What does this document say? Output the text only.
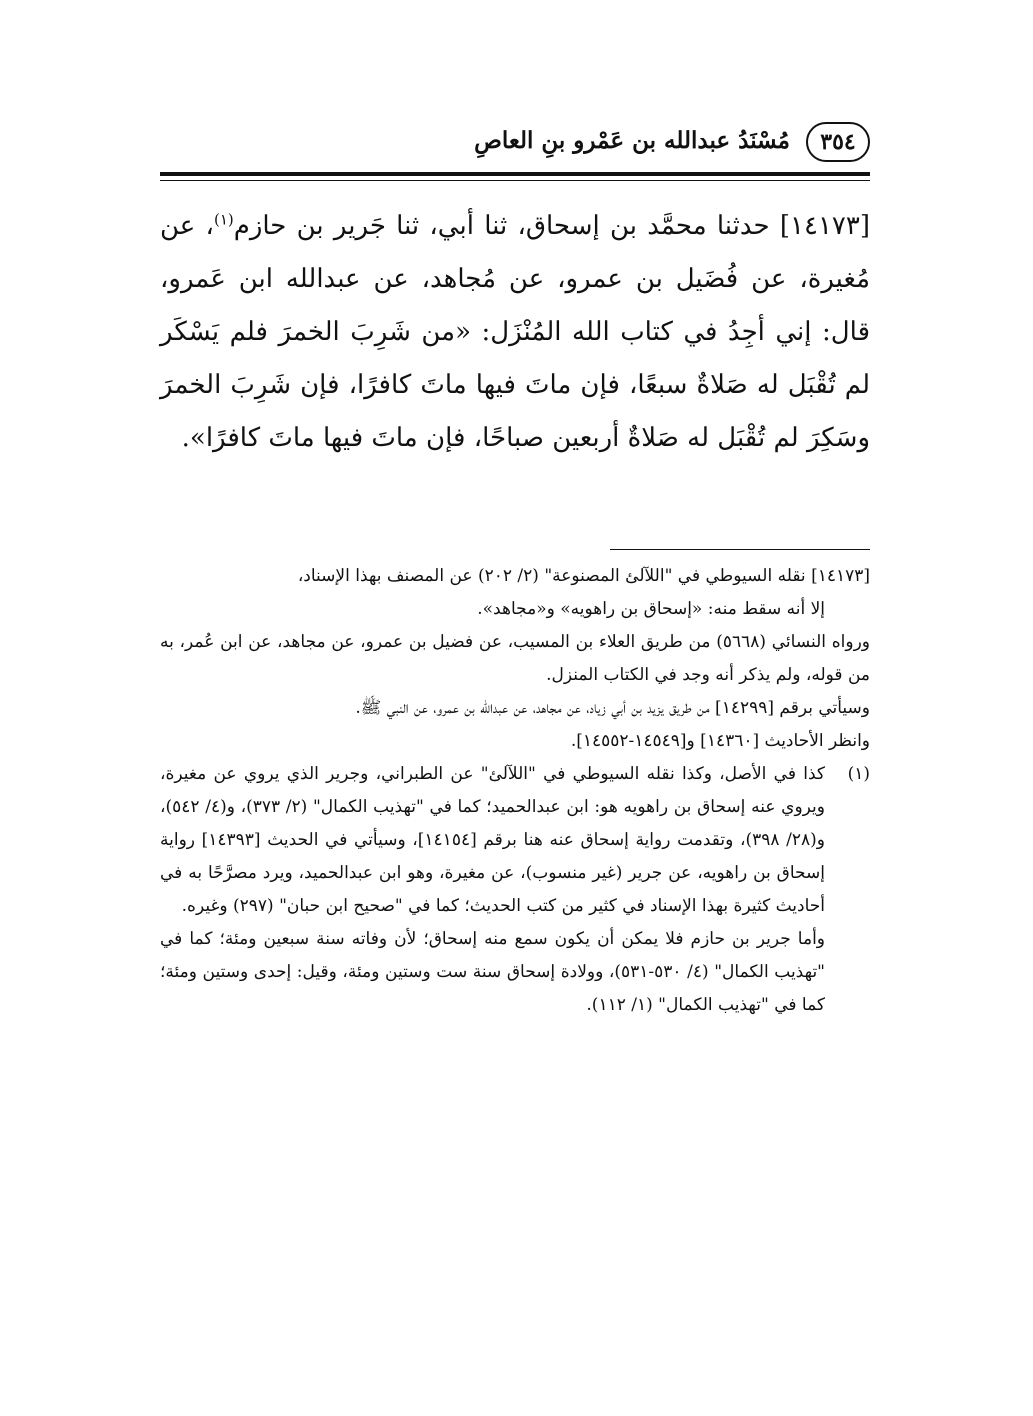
٣٥٤
مُسْنَدُ عبدالله بن عَمْرو بنِ العاصِ

[١٤١٧٣] حدثنا محمَّد بن إسحاق، ثنا أبي، ثنا جَرير بن حازم$^{(١)}$، عن مُغيرة، عن فُضَيل بن عمرو، عن مُجاهد، عن عبدالله ابن عَمرو، قال: إني أجِدُ في كتاب الله المُنْزَل: «من شَرِبَ الخمرَ فلم يَسْكَر لم تُقْبَل له صَلاةٌ سبعًا، فإن ماتَ فيها ماتَ كافرًا، فإن شَرِبَ الخمرَ وسَكِرَ لم تُقْبَل له صَلاةٌ أربعين صباحًا، فإن ماتَ فيها ماتَ كافرًا».

[١٤١٧٣] نقله السيوطي في "اللآلئ المصنوعة" (٢/ ٢٠٢) عن المصنف بهذا الإسناد،

إلا أنه سقط منه: «إسحاق بن راهويه» و«مجاهد».

ورواه النسائي (٥٦٦٨) من طريق العلاء بن المسيب، عن فضيل بن عمرو، عن مجاهد، عن ابن عُمر، به من قوله، ولم يذكر أنه وجد في الكتاب المنزل.

وسيأتي برقم [١٤٢٩٩] من طريق يزيد بن أبي زياد، عن مجاهد، عن عبدالله بن عمرو، عن النبي ﷺ.

وانظر الأحاديث [١٤٣٦٠] و[١٤٥٤٩-١٤٥٥٢].

(١)

كذا في الأصل، وكذا نقله السيوطي في "اللآلئ" عن الطبراني، وجرير الذي يروي عن مغيرة، ويروي عنه إسحاق بن راهويه هو: ابن عبدالحميد؛ كما في "تهذيب الكمال" (٢/ ٣٧٣)، و(٤/ ٥٤٢)، و(٢٨/ ٣٩٨)، وتقدمت رواية إسحاق عنه هنا برقم [١٤١٥٤]، وسيأتي في الحديث [١٤٣٩٣] رواية إسحاق بن راهويه، عن جرير (غير منسوب)، عن مغيرة، وهو ابن عبدالحميد، ويرد مصرَّحًا به في أحاديث كثيرة بهذا الإسناد في كثير من كتب الحديث؛ كما في "صحيح ابن حبان" (٢٩٧) وغيره.

وأما جرير بن حازم فلا يمكن أن يكون سمع منه إسحاق؛ لأن وفاته سنة سبعين ومئة؛ كما في "تهذيب الكمال" (٤/ ٥٣٠-٥٣١)، وولادة إسحاق سنة ست وستين ومئة، وقيل: إحدى وستين ومئة؛ كما في "تهذيب الكمال" (١/ ١١٢).
